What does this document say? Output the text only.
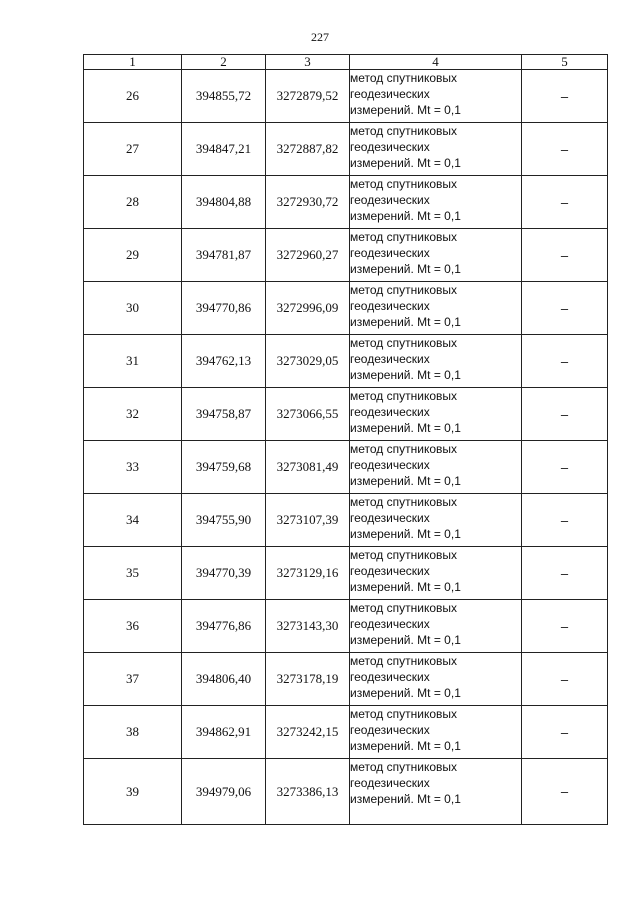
227
1	2	3	4	5
26	394855,72	3272879,52	метод спутниковых
геодезических
измерений. Mt = 0,1	–
27	394847,21	3272887,82	метод спутниковых
геодезических
измерений. Mt = 0,1	–
28	394804,88	3272930,72	метод спутниковых
геодезических
измерений. Mt = 0,1	–
29	394781,87	3272960,27	метод спутниковых
геодезических
измерений. Mt = 0,1	–
30	394770,86	3272996,09	метод спутниковых
геодезических
измерений. Mt = 0,1	–
31	394762,13	3273029,05	метод спутниковых
геодезических
измерений. Mt = 0,1	–
32	394758,87	3273066,55	метод спутниковых
геодезических
измерений. Mt = 0,1	–
33	394759,68	3273081,49	метод спутниковых
геодезических
измерений. Mt = 0,1	–
34	394755,90	3273107,39	метод спутниковых
геодезических
измерений. Mt = 0,1	–
35	394770,39	3273129,16	метод спутниковых
геодезических
измерений. Mt = 0,1	–
36	394776,86	3273143,30	метод спутниковых
геодезических
измерений. Mt = 0,1	–
37	394806,40	3273178,19	метод спутниковых
геодезических
измерений. Mt = 0,1	–
38	394862,91	3273242,15	метод спутниковых
геодезических
измерений. Mt = 0,1	–
39	394979,06	3273386,13	метод спутниковых
геодезических
измерений. Mt = 0,1	–
